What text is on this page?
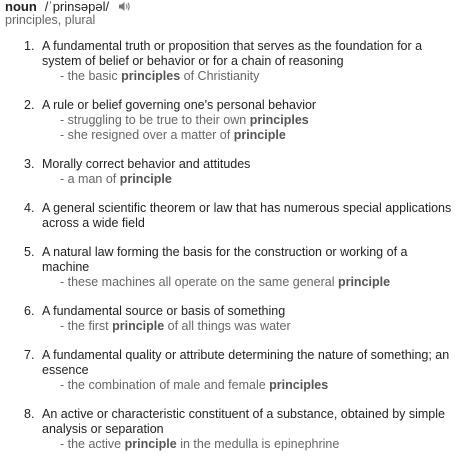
noun /ˈprinsəpəl/
principles, plural
1. A fundamental truth or proposition that serves as the foundation for a system of belief or behavior or for a chain of reasoning
- the basic principles of Christianity
2. A rule or belief governing one's personal behavior
- struggling to be true to their own principles
- she resigned over a matter of principle
3. Morally correct behavior and attitudes
- a man of principle
4. A general scientific theorem or law that has numerous special applications across a wide field
5. A natural law forming the basis for the construction or working of a machine
- these machines all operate on the same general principle
6. A fundamental source or basis of something
- the first principle of all things was water
7. A fundamental quality or attribute determining the nature of something; an essence
- the combination of male and female principles
8. An active or characteristic constituent of a substance, obtained by simple analysis or separation
- the active principle in the medulla is epinephrine
